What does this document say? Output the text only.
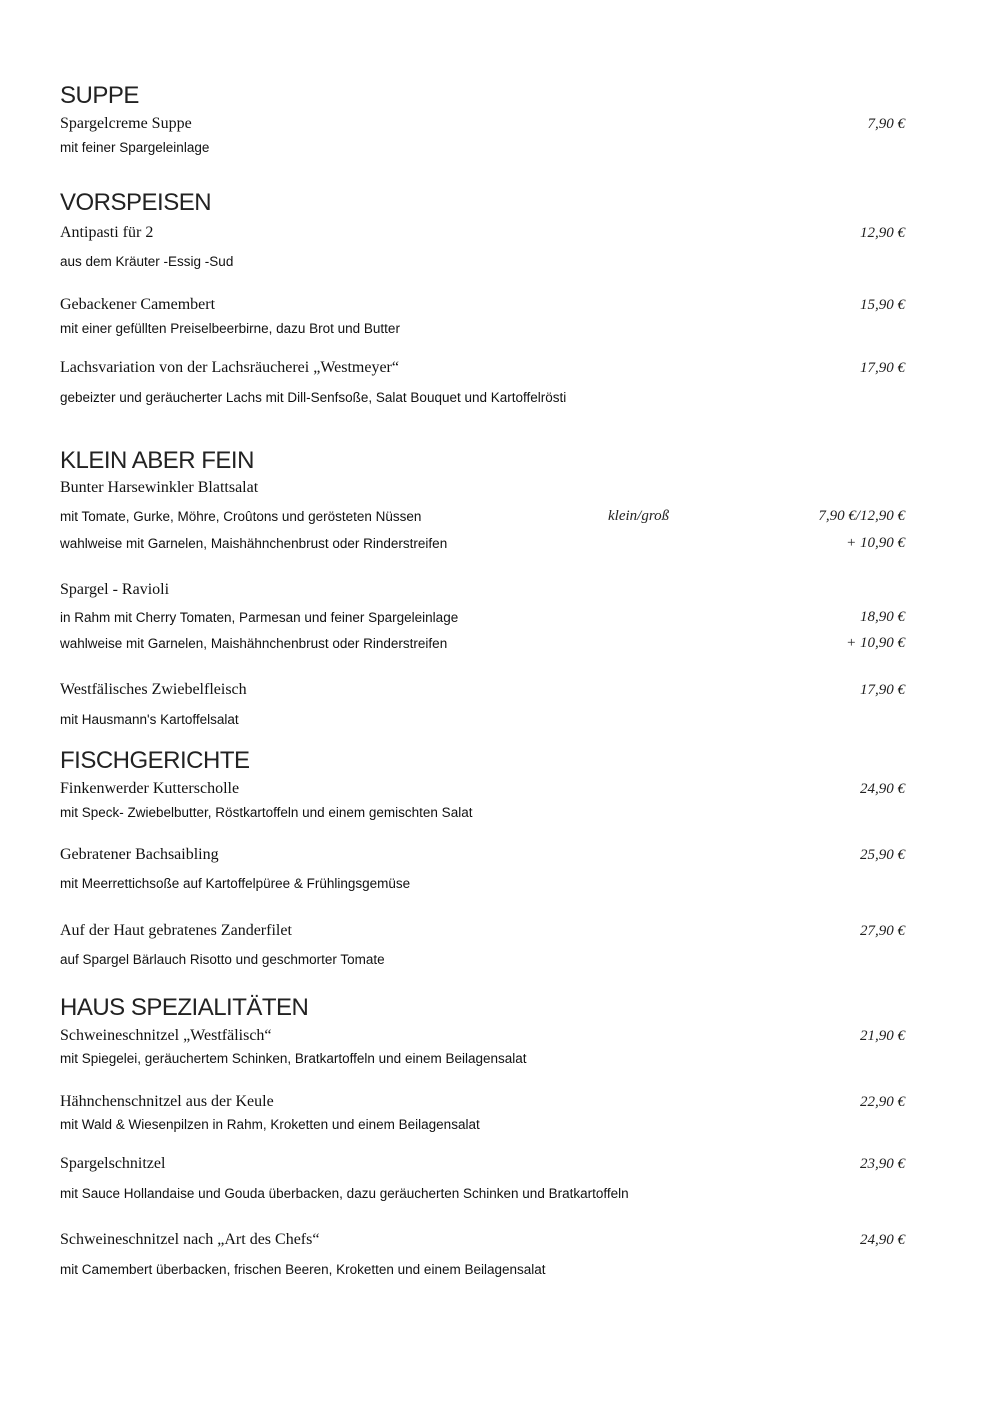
SUPPE
Spargelcreme Suppe	7,90 €
mit feiner Spargeleinlage
VORSPEISEN
Antipasti für 2	12,90 €
aus dem Kräuter -Essig -Sud
Gebackener Camembert	15,90 €
mit einer gefüllten Preiselbeerbirne, dazu Brot und Butter
Lachsvariation von der Lachsräucherei „Westmeyer“	17,90 €
gebeizter und geräucherter Lachs mit Dill-Senfsoße, Salat Bouquet und Kartoffelrösti
KLEIN ABER FEIN
Bunter Harsewinkler Blattsalat
mit Tomate, Gurke, Möhre, Croûtons und gerösteten Nüssen	klein/groß	7,90 €/12,90 €
wahlweise mit Garnelen, Maishähnchenbrust oder Rinderstreifen	+ 10,90 €
Spargel - Ravioli
in Rahm mit Cherry Tomaten, Parmesan und feiner Spargeleinlage	18,90 €
wahlweise mit Garnelen, Maishähnchenbrust oder Rinderstreifen	+ 10,90 €
Westfälisches Zwiebelfleisch	17,90 €
mit Hausmann's Kartoffelsalat
FISCHGERICHTE
Finkenwerder Kutterscholle	24,90 €
mit Speck- Zwiebelbutter, Röstkartoffeln und einem gemischten Salat
Gebratener Bachsaibling	25,90 €
mit Meerrettichsoße auf Kartoffelpüree & Frühlingsgemüse
Auf der Haut gebratenes Zanderfilet	27,90 €
auf Spargel Bärlauch Risotto und geschmorter Tomate
HAUS SPEZIALITÄTEN
Schweineschnitzel „Westfälisch“	21,90 €
mit Spiegelei, geräuchertem Schinken, Bratkartoffeln und einem Beilagensalat
Hähnchenschnitzel aus der Keule	22,90 €
mit Wald & Wiesenpilzen in Rahm, Kroketten und einem Beilagensalat
Spargelschnitzel	23,90 €
mit Sauce Hollandaise und Gouda überbacken, dazu geräucherten Schinken und Bratkartoffeln
Schweineschnitzel nach „Art des Chefs“	24,90 €
mit Camembert überbacken, frischen Beeren, Kroketten und einem Beilagensalat
